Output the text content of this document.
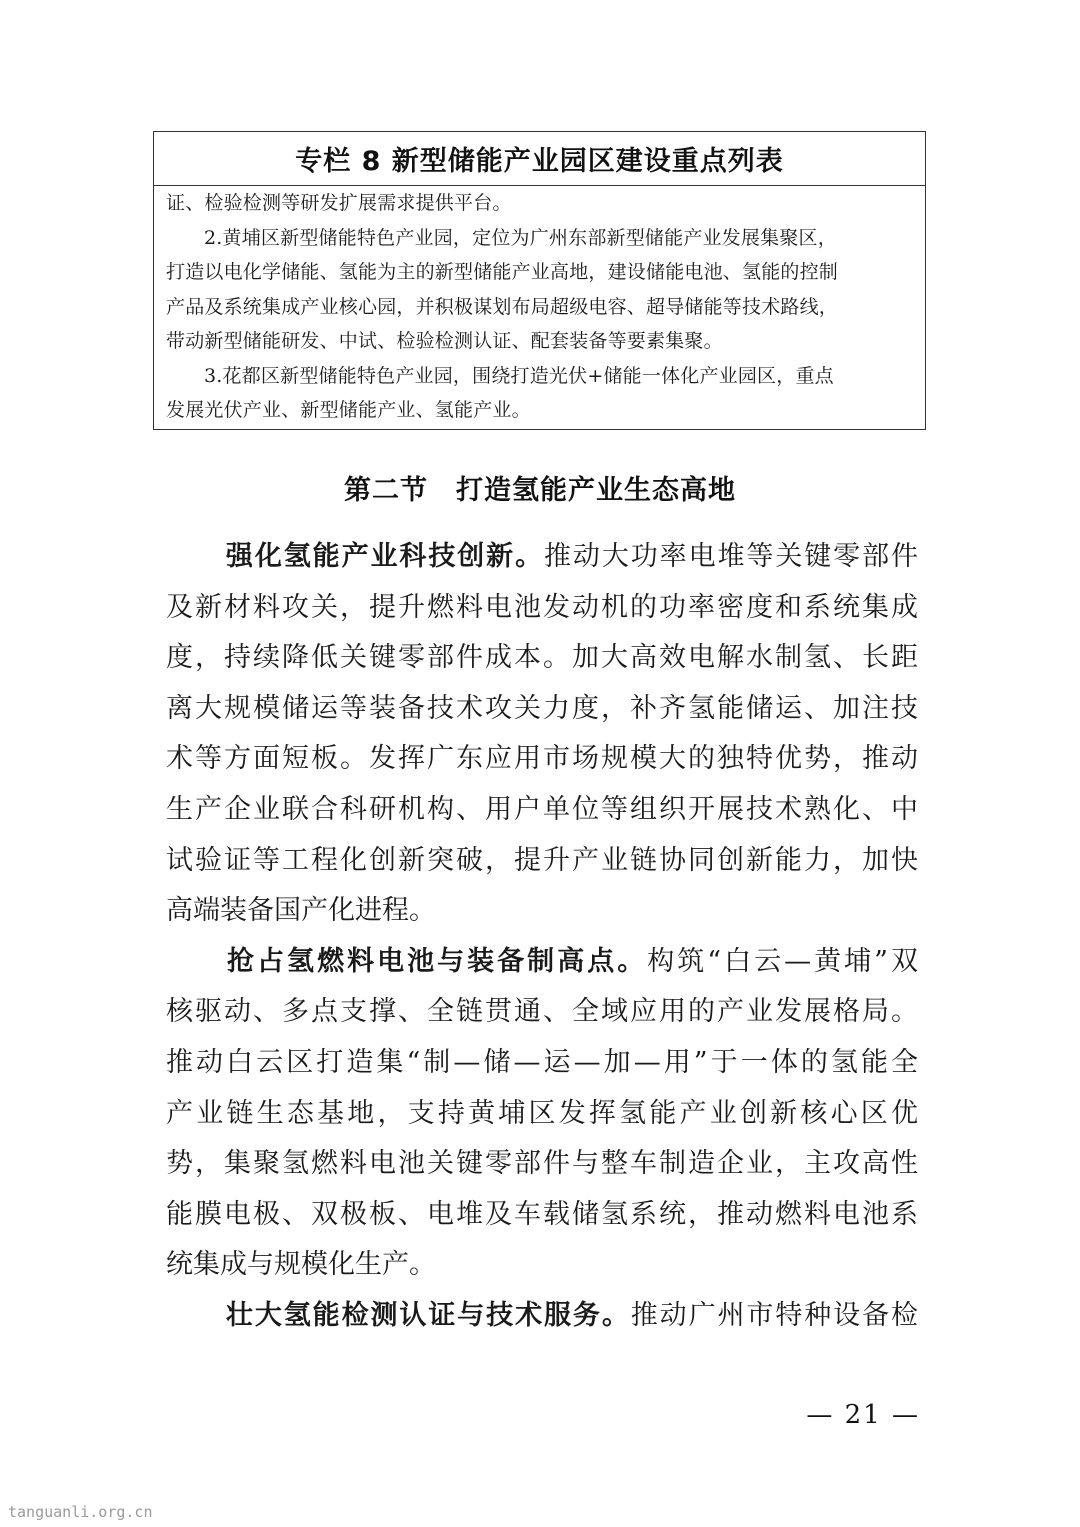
专栏 8 新型储能产业园区建设重点列表
证、检验检测等研发扩展需求提供平台。
2.黄埔区新型储能特色产业园，定位为广州东部新型储能产业发展集聚区，
打造以电化学储能、氢能为主的新型储能产业高地，建设储能电池、氢能的控制
产品及系统集成产业核心园，并积极谋划布局超级电容、超导储能等技术路线，
带动新型储能研发、中试、检验检测认证、配套装备等要素集聚。
3.花都区新型储能特色产业园，围绕打造光伏+储能一体化产业园区，重点
发展光伏产业、新型储能产业、氢能产业。
第二节　打造氢能产业生态高地
强化氢能产业科技创新。推动大功率电堆等关键零部件
及新材料攻关，提升燃料电池发动机的功率密度和系统集成
度，持续降低关键零部件成本。加大高效电解水制氢、长距
离大规模储运等装备技术攻关力度，补齐氢能储运、加注技
术等方面短板。发挥广东应用市场规模大的独特优势，推动
生产企业联合科研机构、用户单位等组织开展技术熟化、中
试验证等工程化创新突破，提升产业链协同创新能力，加快
高端装备国产化进程。
抢占氢燃料电池与装备制高点。构筑“白云—黄埔”双
核驱动、多点支撑、全链贯通、全域应用的产业发展格局。
推动白云区打造集“制—储—运—加—用”于一体的氢能全
产业链生态基地，支持黄埔区发挥氢能产业创新核心区优
势，集聚氢燃料电池关键零部件与整车制造企业，主攻高性
能膜电极、双极板、电堆及车载储氢系统，推动燃料电池系
统集成与规模化生产。
壮大氢能检测认证与技术服务。推动广州市特种设备检
— 21 —
tanguanli.org.cn
